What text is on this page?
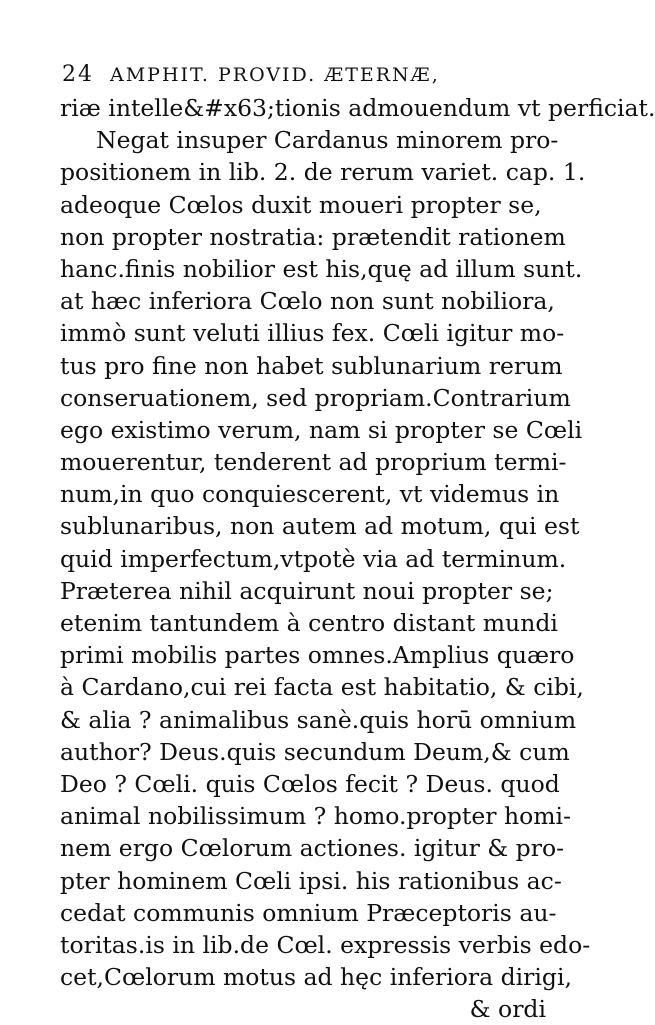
24 AMPHIT. PROVID. ÆTERNÆ,
riæ intelle&#x63;tionis admouendum vt perficiat.
Negat insuper Cardanus minorem pro-
positionem in lib. 2. de rerum variet. cap. 1.
adeoque Cœlos duxit moueri propter se,
non propter nostratia: prætendit rationem
hanc.finis nobilior est his,quę ad illum sunt.
at hæc inferiora Cœlo non sunt nobiliora,
immò sunt veluti illius fex. Cœli igitur mo-
tus pro fine non habet sublunarium rerum
conseruationem, sed propriam.Contrarium
ego existimo verum, nam si propter se Cœli
mouerentur, tenderent ad proprium termi-
num,in quo conquiescerent, vt videmus in
sublunaribus, non autem ad motum, qui est
quid imperfectum,vtpotè via ad terminum.
Præterea nihil acquirunt noui propter se;
etenim tantundem à centro distant mundi
primi mobilis partes omnes.Amplius quæro
à Cardano,cui rei facta est habitatio, & cibi,
& alia ? animalibus sanè.quis horū omnium
author? Deus.quis secundum Deum,& cum
Deo ? Cœli. quis Cœlos fecit ? Deus. quod
animal nobilissimum ? homo.propter homi-
nem ergo Cœlorum actiones. igitur & pro-
pter hominem Cœli ipsi. his rationibus ac-
cedat communis omnium Præceptoris au-
toritas.is in lib.de Cœl. expressis verbis edo-
cet,Cœlorum motus ad hęc inferiora dirigi,
& ordi
